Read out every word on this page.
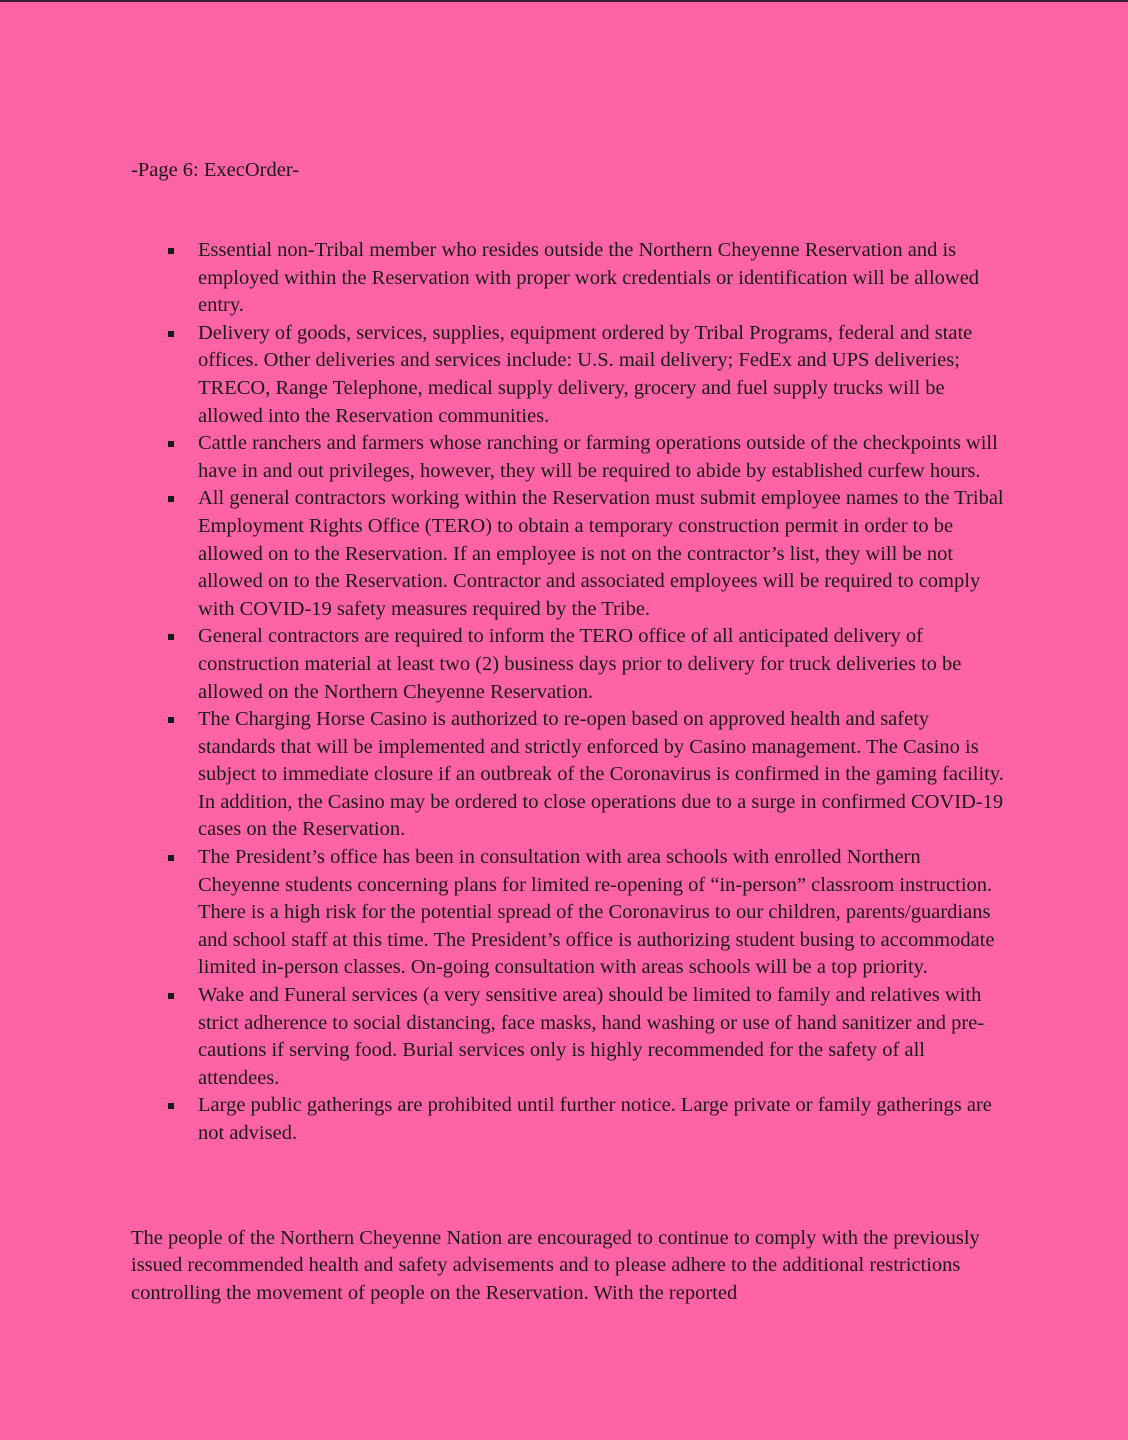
-Page 6: ExecOrder-
Essential non-Tribal member who resides outside the Northern Cheyenne Reservation and is employed within the Reservation with proper work credentials or identification will be allowed entry.
Delivery of goods, services, supplies, equipment ordered by Tribal Programs, federal and state offices. Other deliveries and services include: U.S. mail delivery; FedEx and UPS deliveries; TRECO, Range Telephone, medical supply delivery, grocery and fuel supply trucks will be allowed into the Reservation communities.
Cattle ranchers and farmers whose ranching or farming operations outside of the checkpoints will have in and out privileges, however, they will be required to abide by established curfew hours.
All general contractors working within the Reservation must submit employee names to the Tribal Employment Rights Office (TERO) to obtain a temporary construction permit in order to be allowed on to the Reservation. If an employee is not on the contractor’s list, they will be not allowed on to the Reservation. Contractor and associated employees will be required to comply with COVID-19 safety measures required by the Tribe.
General contractors are required to inform the TERO office of all anticipated delivery of construction material at least two (2) business days prior to delivery for truck deliveries to be allowed on the Northern Cheyenne Reservation.
The Charging Horse Casino is authorized to re-open based on approved health and safety standards that will be implemented and strictly enforced by Casino management. The Casino is subject to immediate closure if an outbreak of the Coronavirus is confirmed in the gaming facility. In addition, the Casino may be ordered to close operations due to a surge in confirmed COVID-19 cases on the Reservation.
The President’s office has been in consultation with area schools with enrolled Northern Cheyenne students concerning plans for limited re-opening of “in-person” classroom instruction. There is a high risk for the potential spread of the Coronavirus to our children, parents/guardians and school staff at this time. The President’s office is authorizing student busing to accommodate limited in-person classes. On-going consultation with areas schools will be a top priority.
Wake and Funeral services (a very sensitive area) should be limited to family and relatives with strict adherence to social distancing, face masks, hand washing or use of hand sanitizer and pre-cautions if serving food. Burial services only is highly recommended for the safety of all attendees.
Large public gatherings are prohibited until further notice. Large private or family gatherings are not advised.

The people of the Northern Cheyenne Nation are encouraged to continue to comply with the previously issued recommended health and safety advisements and to please adhere to the additional restrictions controlling the movement of people on the Reservation. With the reported
